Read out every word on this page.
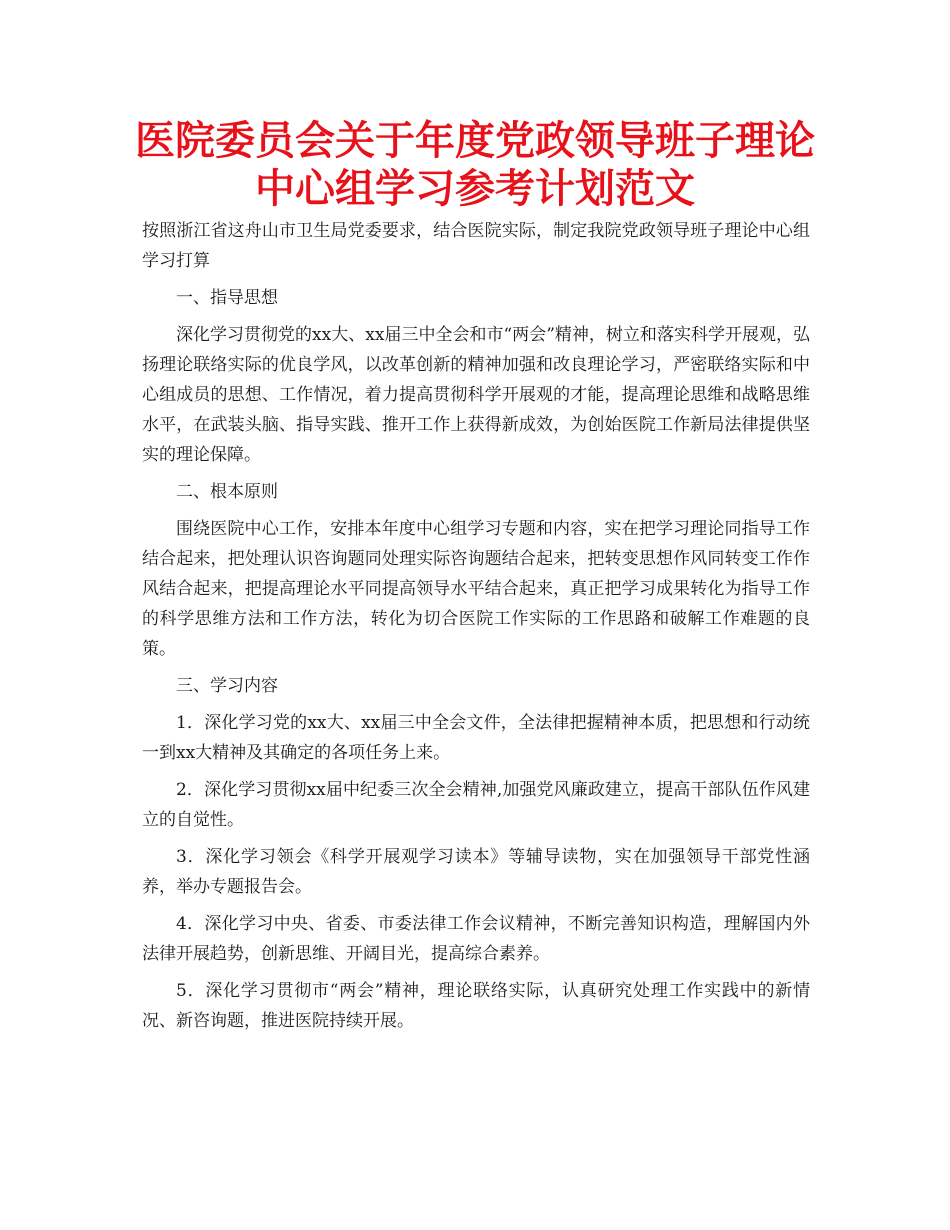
医院委员会关于年度党政领导班子理论中心组学习参考计划范文

按照浙江省这舟山市卫生局党委要求，结合医院实际，制定我院党政领导班子理论中心组学习打算

一、指导思想

深化学习贯彻党的xx大、xx届三中全会和市“两会”精神，树立和落实科学开展观，弘扬理论联络实际的优良学风，以改革创新的精神加强和改良理论学习，严密联络实际和中心组成员的思想、工作情况，着力提高贯彻科学开展观的才能，提高理论思维和战略思维水平，在武装头脑、指导实践、推开工作上获得新成效，为创始医院工作新局法律提供坚实的理论保障。

二、根本原则

围绕医院中心工作，安排本年度中心组学习专题和内容，实在把学习理论同指导工作结合起来，把处理认识咨询题同处理实际咨询题结合起来，把转变思想作风同转变工作作风结合起来，把提高理论水平同提高领导水平结合起来，真正把学习成果转化为指导工作的科学思维方法和工作方法，转化为切合医院工作实际的工作思路和破解工作难题的良策。

三、学习内容

1．深化学习党的xx大、xx届三中全会文件，全法律把握精神本质，把思想和行动统一到xx大精神及其确定的各项任务上来。

2．深化学习贯彻xx届中纪委三次全会精神,加强党风廉政建立，提高干部队伍作风建立的自觉性。

3．深化学习领会《科学开展观学习读本》等辅导读物，实在加强领导干部党性涵养，举办专题报告会。

4．深化学习中央、省委、市委法律工作会议精神，不断完善知识构造，理解国内外法律开展趋势，创新思维、开阔目光，提高综合素养。

5．深化学习贯彻市“两会”精神，理论联络实际，认真研究处理工作实践中的新情况、新咨询题，推进医院持续开展。
